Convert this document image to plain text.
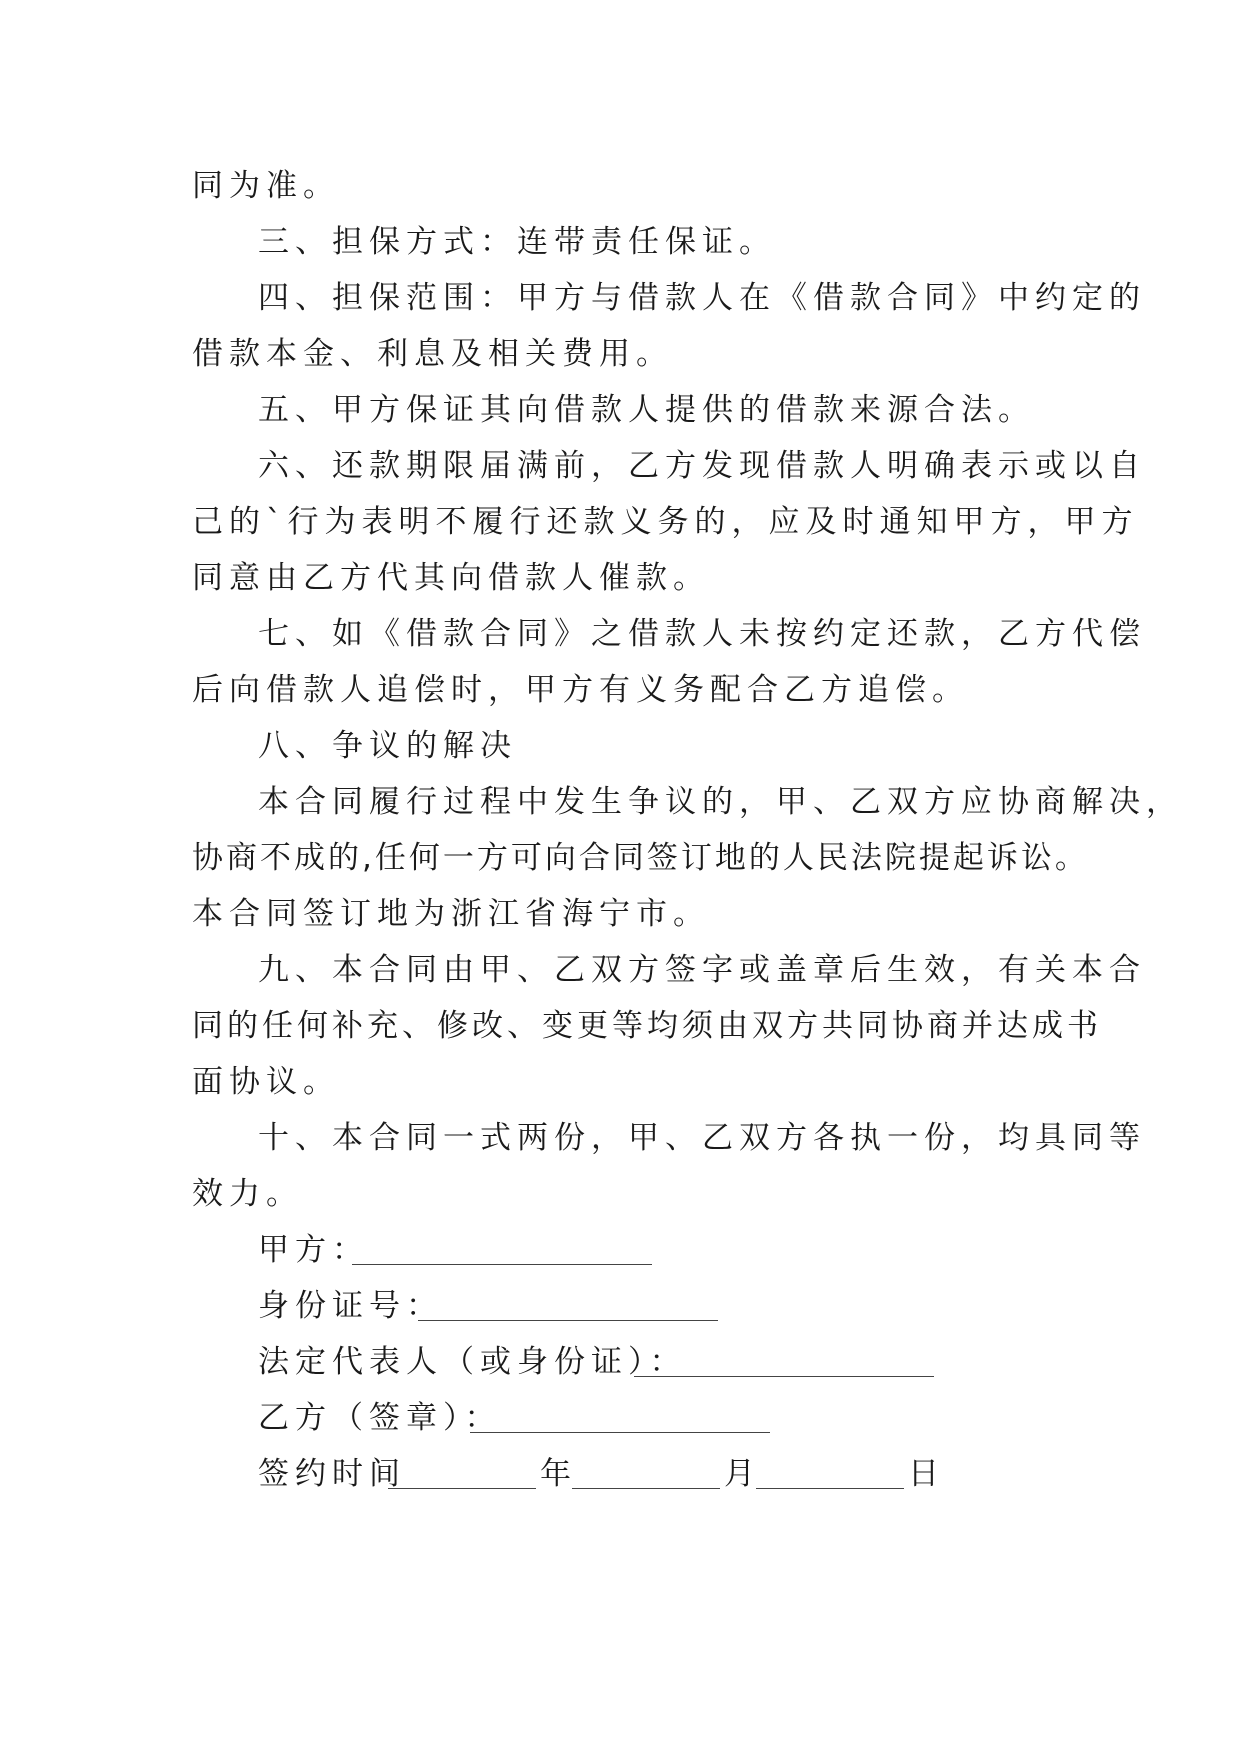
同为准。
三、担保方式：连带责任保证。
四、担保范围：甲方与借款人在《借款合同》中约定的
借款本金、利息及相关费用。
五、甲方保证其向借款人提供的借款来源合法。
六、还款期限届满前，乙方发现借款人明确表示或以自
己的`行为表明不履行还款义务的，应及时通知甲方，甲方
同意由乙方代其向借款人催款。
七、如《借款合同》之借款人未按约定还款，乙方代偿
后向借款人追偿时，甲方有义务配合乙方追偿。
八、争议的解决
本合同履行过程中发生争议的，甲、乙双方应协商解决，
协商不成的,任何一方可向合同签订地的人民法院提起诉讼。
本合同签订地为浙江省海宁市。
九、本合同由甲、乙双方签字或盖章后生效，有关本合
同的任何补充、修改、变更等均须由双方共同协商并达成书
面协议。
十、本合同一式两份，甲、乙双方各执一份，均具同等
效力。
甲方：
身份证号：
法定代表人（或身份证）：
乙方（签章）：
签约时间	年	月	日
